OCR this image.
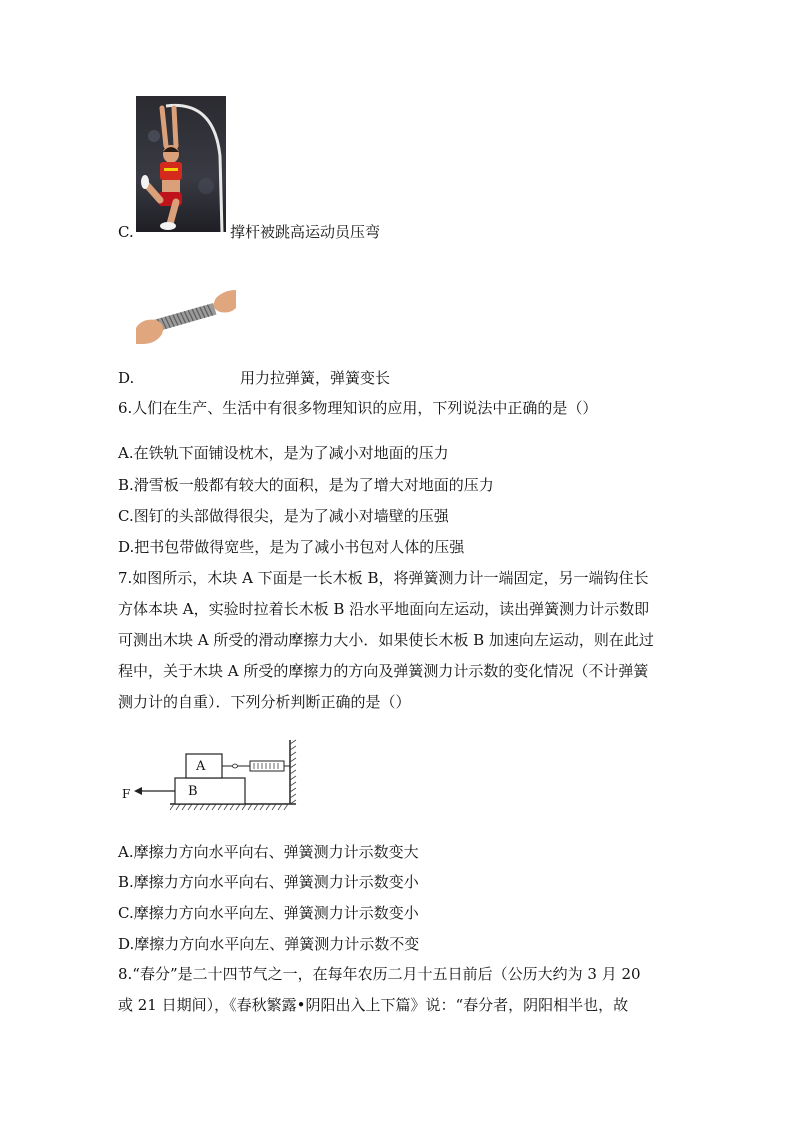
C.	撑杆被跳高运动员压弯
D.	用力拉弹簧，弹簧变长
6.人们在生产、生活中有很多物理知识的应用，下列说法中正确的是（）
A.在铁轨下面铺设枕木，是为了减小对地面的压力
B.滑雪板一般都有较大的面积，是为了增大对地面的压力
C.图钉的头部做得很尖，是为了减小对墙壁的压强
D.把书包带做得宽些，是为了减小书包对人体的压强
7.如图所示，木块 A 下面是一长木板 B，将弹簧测力计一端固定，另一端钩住长
方体本块 A，实验时拉着长木板 B 沿水平地面向左运动，读出弹簧测力计示数即
可测出木块 A 所受的滑动摩擦力大小．如果使长木板 B 加速向左运动，则在此过
程中，关于木块 A 所受的摩擦力的方向及弹簧测力计示数的变化情况（不计弹簧
测力计的自重）．下列分析判断正确的是（）
B
A
F
A.摩擦力方向水平向右、弹簧测力计示数变大
B.摩擦力方向水平向右、弹簧测力计示数变小
C.摩擦力方向水平向左、弹簧测力计示数变小
D.摩擦力方向水平向左、弹簧测力计示数不变
8.“春分”是二十四节气之一，在每年农历二月十五日前后（公历大约为 3 月 20
或 21 日期间），《春秋繁露•阴阳出入上下篇》说：“春分者，阴阳相半也，故
